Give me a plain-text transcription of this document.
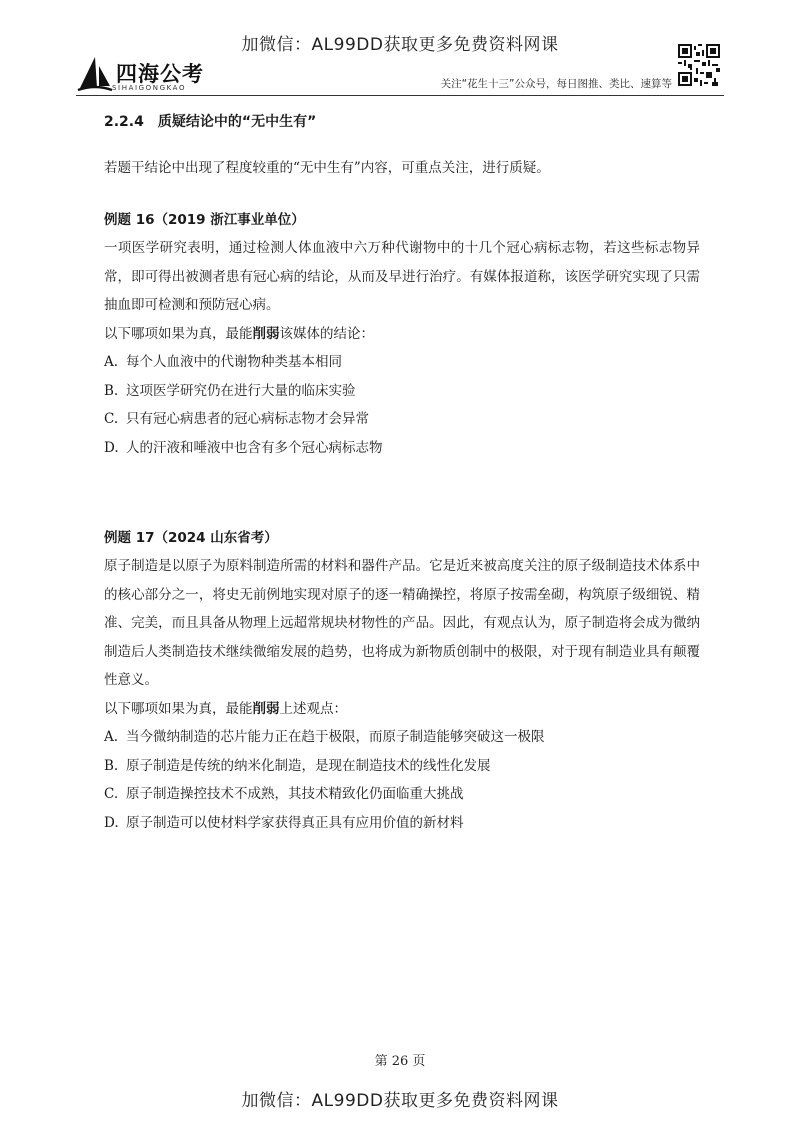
加微信：AL99DD获取更多免费资料网课
四海公考
SIHAIGONGKAO	关注“花生十三”公众号，每日图推、类比、速算等

2.2.4 质疑结论中的“无中生有”

若题干结论中出现了程度较重的“无中生有”内容，可重点关注，进行质疑。

例题 16（2019 浙江事业单位）

一项医学研究表明，通过检测人体血液中六万种代谢物中的十几个冠心病标志物，若这些标志物异常，即可得出被测者患有冠心病的结论，从而及早进行治疗。有媒体报道称，该医学研究实现了只需抽血即可检测和预防冠心病。

以下哪项如果为真，最能削弱该媒体的结论：

A. 每个人血液中的代谢物种类基本相同

B. 这项医学研究仍在进行大量的临床实验

C. 只有冠心病患者的冠心病标志物才会异常

D. 人的汗液和唾液中也含有多个冠心病标志物

例题 17（2024 山东省考）

原子制造是以原子为原料制造所需的材料和器件产品。它是近来被高度关注的原子级制造技术体系中的核心部分之一，将史无前例地实现对原子的逐一精确操控，将原子按需垒砌，构筑原子级细锐、精准、完美，而且具备从物理上远超常规块材物性的产品。因此，有观点认为，原子制造将会成为微纳制造后人类制造技术继续微缩发展的趋势，也将成为新物质创制中的极限，对于现有制造业具有颠覆性意义。

以下哪项如果为真，最能削弱上述观点：

A. 当今微纳制造的芯片能力正在趋于极限，而原子制造能够突破这一极限

B. 原子制造是传统的纳米化制造，是现在制造技术的线性化发展

C. 原子制造操控技术不成熟，其技术精致化仍面临重大挑战

D. 原子制造可以使材料学家获得真正具有应用价值的新材料

第 26 页
加微信：AL99DD获取更多免费资料网课
